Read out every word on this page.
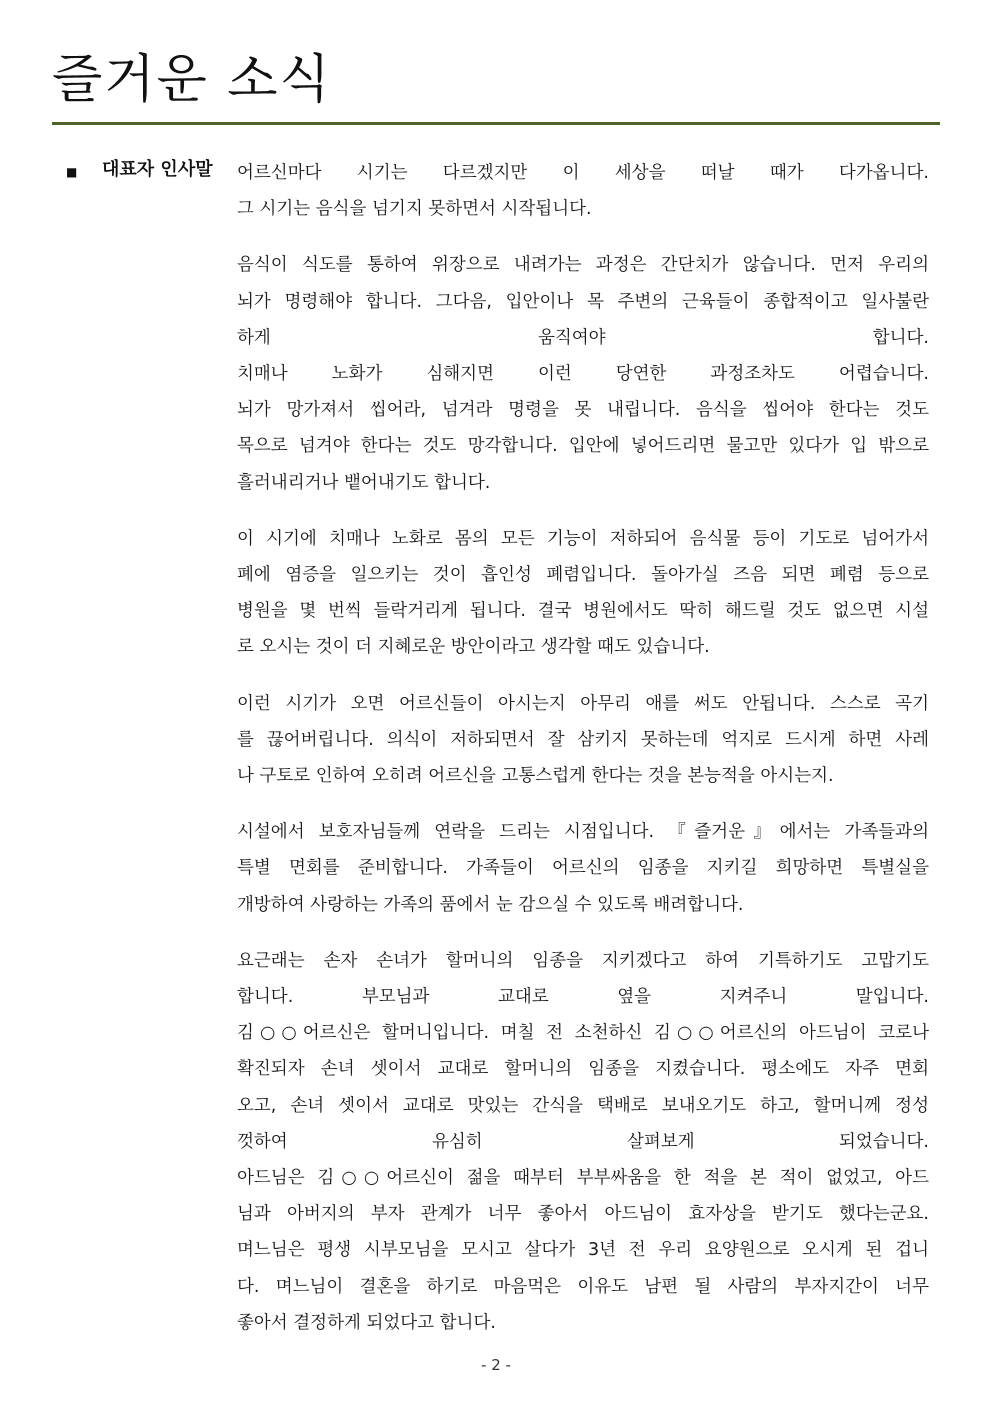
즐거운 소식
■ 대표자 인사말 어르신마다 시기는 다르겠지만 이 세상을 떠날 때가 다가옵니다.
그 시기는 음식을 넘기지 못하면서 시작됩니다.
음식이 식도를 통하여 위장으로 내려가는 과정은 간단치가 않습니다. 먼저 우리의
뇌가 명령해야 합니다. 그다음, 입안이나 목 주변의 근육들이 종합적이고 일사불란
하게 움직여야 합니다.
치매나 노화가 심해지면 이런 당연한 과정조차도 어렵습니다.
뇌가 망가져서 씹어라, 넘겨라 명령을 못 내립니다. 음식을 씹어야 한다는 것도
목으로 넘겨야 한다는 것도 망각합니다. 입안에 넣어드리면 물고만 있다가 입 밖으로
흘러내리거나 뱉어내기도 합니다.
이 시기에 치매나 노화로 몸의 모든 기능이 저하되어 음식물 등이 기도로 넘어가서
폐에 염증을 일으키는 것이 흡인성 폐렴입니다. 돌아가실 즈음 되면 폐렴 등으로
병원을 몇 번씩 들락거리게 됩니다. 결국 병원에서도 딱히 해드릴 것도 없으면 시설
로 오시는 것이 더 지혜로운 방안이라고 생각할 때도 있습니다.
이런 시기가 오면 어르신들이 아시는지 아무리 애를 써도 안됩니다. 스스로 곡기
를 끊어버립니다. 의식이 저하되면서 잘 삼키지 못하는데 억지로 드시게 하면 사레
나 구토로 인하여 오히려 어르신을 고통스럽게 한다는 것을 본능적을 아시는지.
시설에서 보호자님들께 연락을 드리는 시점입니다. 『즐거운』에서는 가족들과의
특별 면회를 준비합니다. 가족들이 어르신의 임종을 지키길 희망하면 특별실을
개방하여 사랑하는 가족의 품에서 눈 감으실 수 있도록 배려합니다.
요근래는 손자 손녀가 할머니의 임종을 지키겠다고 하여 기특하기도 고맙기도
합니다. 부모님과 교대로 옆을 지켜주니 말입니다.
김○○어르신은 할머니입니다. 며칠 전 소천하신 김○○어르신의 아드님이 코로나
확진되자 손녀 셋이서 교대로 할머니의 임종을 지켰습니다. 평소에도 자주 면회
오고, 손녀 셋이서 교대로 맛있는 간식을 택배로 보내오기도 하고, 할머니께 정성
껏하여 유심히 살펴보게 되었습니다.
아드님은 김○○어르신이 젊을 때부터 부부싸움을 한 적을 본 적이 없었고, 아드
님과 아버지의 부자 관계가 너무 좋아서 아드님이 효자상을 받기도 했다는군요.
며느님은 평생 시부모님을 모시고 살다가 3년 전 우리 요양원으로 오시게 된 겁니
다. 며느님이 결혼을 하기로 마음먹은 이유도 남편 될 사람의 부자지간이 너무
좋아서 결정하게 되었다고 합니다.
- 2 -
